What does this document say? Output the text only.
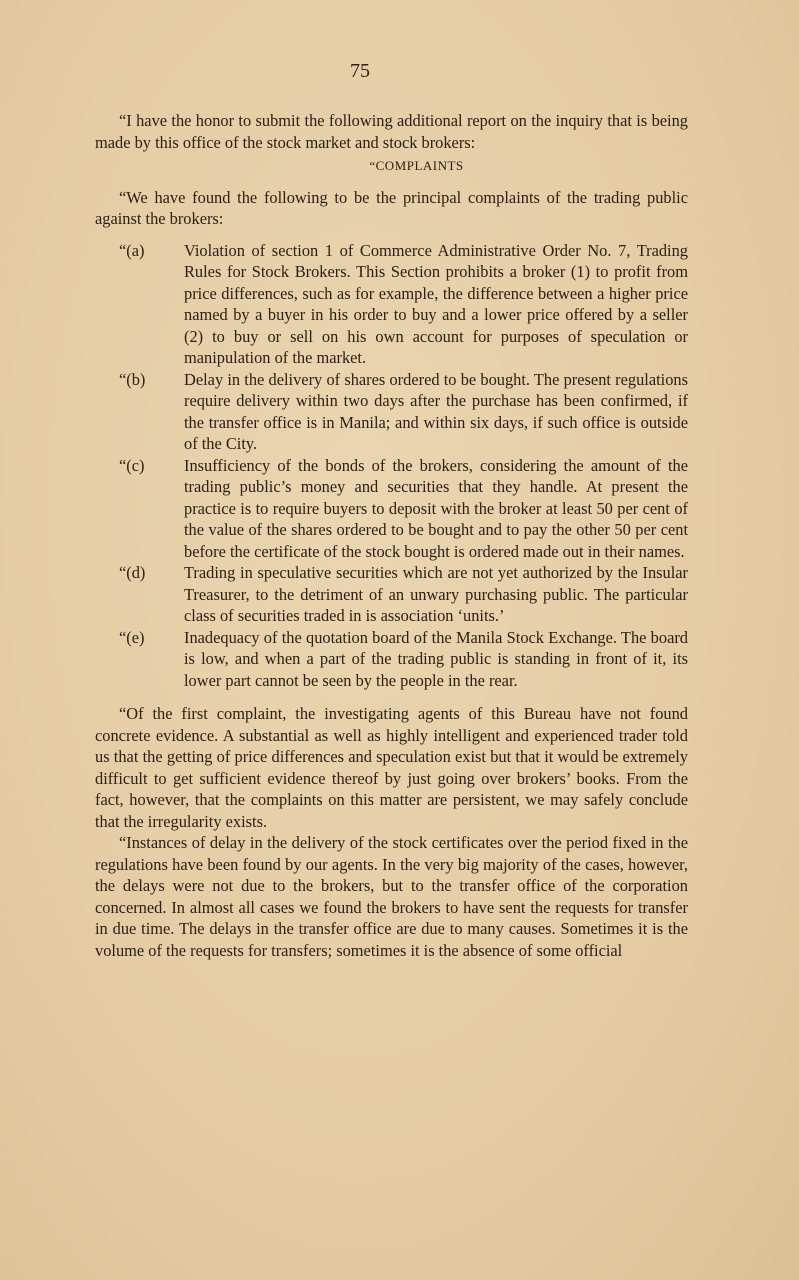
75

“I have the honor to submit the following additional report on the inquiry that is being made by this office of the stock market and stock brokers:

“COMPLAINTS

“We have found the following to be the principal complaints of the trading public against the brokers:

“(a)	Violation of section 1 of Commerce Administrative Order No. 7, Trading Rules for Stock Brokers. This Section prohibits a broker (1) to profit from price differences, such as for example, the difference between a higher price named by a buyer in his order to buy and a lower price offered by a seller (2) to buy or sell on his own account for purposes of speculation or manipulation of the market.
“(b)	Delay in the delivery of shares ordered to be bought. The present regulations require delivery within two days after the purchase has been confirmed, if the transfer office is in Manila; and within six days, if such office is outside of the City.
“(c)	Insufficiency of the bonds of the brokers, considering the amount of the trading public’s money and securities that they handle. At present the practice is to require buyers to deposit with the broker at least 50 per cent of the value of the shares ordered to be bought and to pay the other 50 per cent before the certificate of the stock bought is ordered made out in their names.
“(d)	Trading in speculative securities which are not yet authorized by the Insular Treasurer, to the detriment of an unwary purchasing public. The particular class of securities traded in is association ‘units.’
“(e)	Inadequacy of the quotation board of the Manila Stock Exchange. The board is low, and when a part of the trading public is standing in front of it, its lower part cannot be seen by the people in the rear.

“Of the first complaint, the investigating agents of this Bureau have not found concrete evidence. A substantial as well as highly intelligent and experienced trader told us that the getting of price differences and speculation exist but that it would be extremely difficult to get sufficient evidence thereof by just going over brokers’ books. From the fact, however, that the complaints on this matter are persistent, we may safely conclude that the irregularity exists.

“Instances of delay in the delivery of the stock certificates over the period fixed in the regulations have been found by our agents. In the very big majority of the cases, however, the delays were not due to the brokers, but to the transfer office of the corporation concerned. In almost all cases we found the brokers to have sent the requests for transfer in due time. The delays in the transfer office are due to many causes. Sometimes it is the volume of the requests for transfers; sometimes it is the absence of some official
